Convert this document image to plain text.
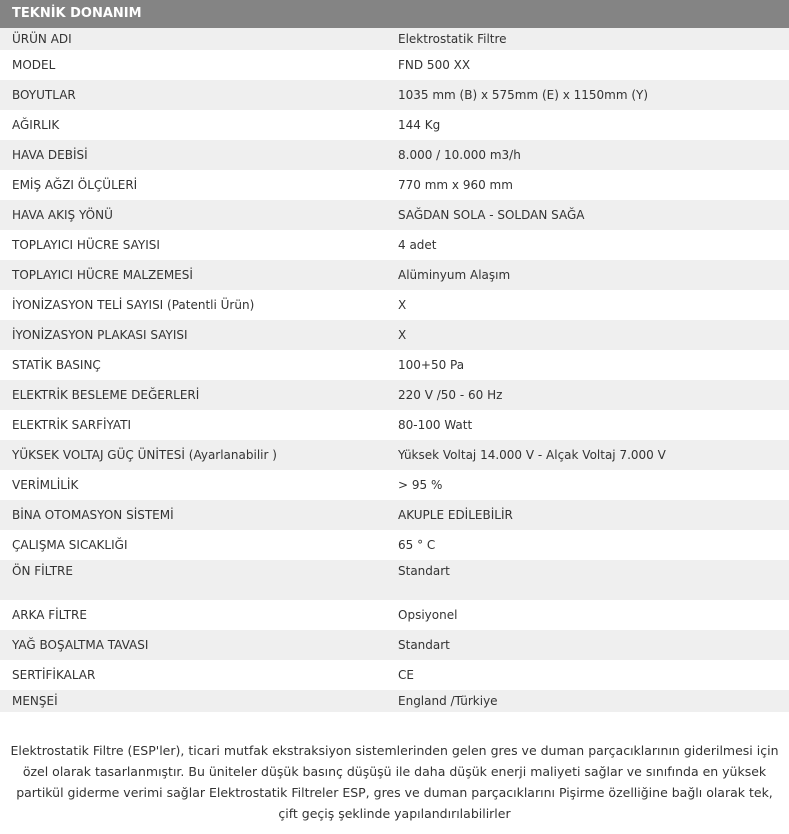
TEKNİK DONANIM
ÜRÜN ADI	Elektrostatik Filtre
MODEL	FND 500 XX
BOYUTLAR	1035 mm (B) x 575mm (E) x 1150mm (Y)
AĞIRLIK	144 Kg
HAVA DEBİSİ	8.000 / 10.000 m3/h
EMİŞ AĞZI ÖLÇÜLERİ	770 mm x 960 mm
HAVA AKIŞ YÖNÜ	SAĞDAN SOLA - SOLDAN SAĞA
TOPLAYICI HÜCRE SAYISI	4 adet
TOPLAYICI HÜCRE MALZEMESİ	Alüminyum Alaşım
İYONİZASYON TELİ SAYISI (Patentli Ürün)	X
İYONİZASYON PLAKASI SAYISI	X
STATİK BASINÇ	100+50 Pa
ELEKTRİK BESLEME DEĞERLERİ	220 V /50 - 60 Hz
ELEKTRİK SARFİYATI	80-100 Watt
YÜKSEK VOLTAJ GÜÇ ÜNİTESİ (Ayarlanabilir )	Yüksek Voltaj 14.000 V - Alçak Voltaj 7.000 V
VERİMLİLİK	> 95 %
BİNA OTOMASYON SİSTEMİ	AKUPLE EDİLEBİLİR
ÇALIŞMA SICAKLIĞI	65 ° C
ÖN FİLTRE	Standart
ARKA FİLTRE	Opsiyonel
YAĞ BOŞALTMA TAVASI	Standart
SERTİFİKALAR	CE
MENŞEİ	England /Türkiye

Elektrostatik Filtre (ESP'ler), ticari mutfak ekstraksiyon sistemlerinden gelen gres ve duman parçacıklarının giderilmesi için özel olarak tasarlanmıştır. Bu üniteler düşük basınç düşüşü ile daha düşük enerji maliyeti sağlar ve sınıfında en yüksek partikül giderme verimi sağlar Elektrostatik Filtreler ESP, gres ve duman parçacıklarını Pişirme özelliğine bağlı olarak tek, çift geçiş şeklinde yapılandırılabilirler
